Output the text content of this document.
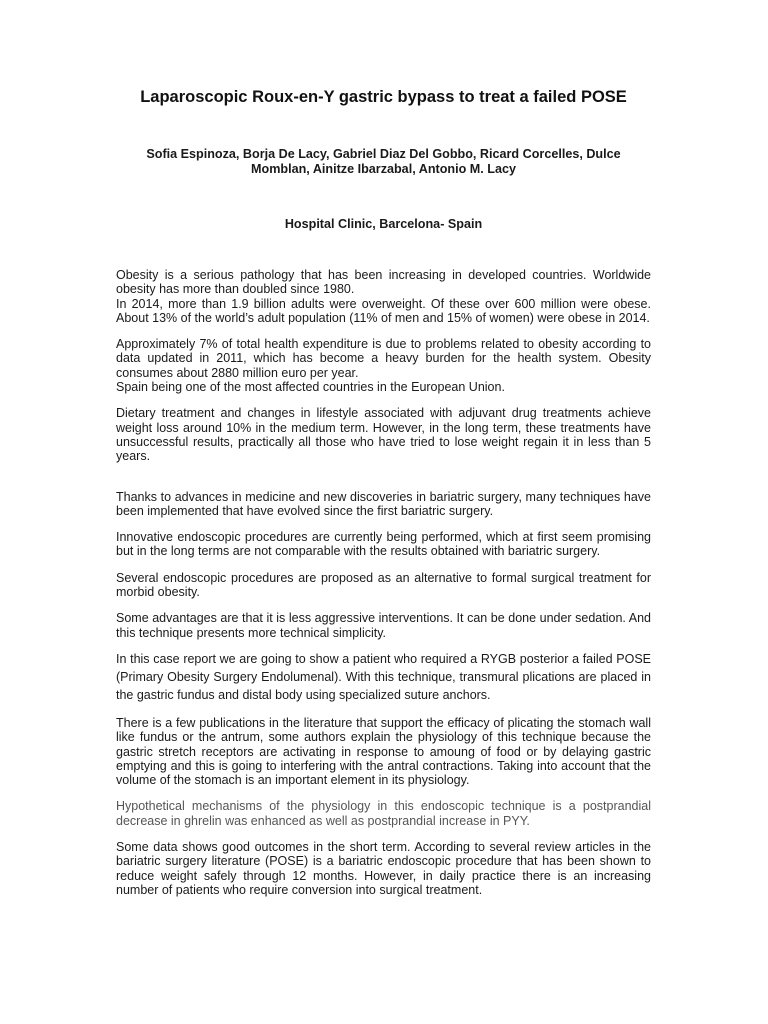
Laparoscopic Roux-en-Y gastric bypass to treat a failed POSE
Sofia Espinoza, Borja De Lacy, Gabriel Diaz Del Gobbo, Ricard Corcelles, Dulce
Momblan, Ainitze Ibarzabal, Antonio M. Lacy
Hospital Clinic, Barcelona- Spain

Obesity is a serious pathology that has been increasing in developed countries. Worldwide obesity has more than doubled since 1980.

In 2014, more than 1.9 billion adults were overweight. Of these over 600 million were obese. About 13% of the world’s adult population (11% of men and 15% of women) were obese in 2014.

Approximately 7% of total health expenditure is due to problems related to obesity according to data updated in 2011, which has become a heavy burden for the health system. Obesity consumes about 2880 million euro per year.

Spain being one of the most affected countries in the European Union.

Dietary treatment and changes in lifestyle associated with adjuvant drug treatments achieve weight loss around 10% in the medium term. However, in the long term, these treatments have unsuccessful results, practically all those who have tried to lose weight regain it in less than 5 years.

Thanks to advances in medicine and new discoveries in bariatric surgery, many techniques have been implemented that have evolved since the first bariatric surgery.

Innovative endoscopic procedures are currently being performed, which at first seem promising but in the long terms are not comparable with the results obtained with bariatric surgery.

Several endoscopic procedures are proposed as an alternative to formal surgical treatment for morbid obesity.

Some advantages are that it is less aggressive interventions. It can be done under sedation. And this technique presents more technical simplicity.

In this case report we are going to show a patient who required a RYGB posterior a failed POSE (Primary Obesity Surgery Endolumenal). With this technique, transmural plications are placed in the gastric fundus and distal body using specialized suture anchors.

There is a few publications in the literature that support the efficacy of plicating the stomach wall like fundus or the antrum, some authors explain the physiology of this technique because the gastric stretch receptors are activating in response to amoung of food or by delaying gastric emptying and this is going to interfering with the antral contractions. Taking into account that the volume of the stomach is an important element in its physiology.

Hypothetical mechanisms of the physiology in this endoscopic technique is a postprandial decrease in ghrelin was enhanced as well as postprandial increase in PYY.

Some data shows good outcomes in the short term. According to several review articles in the bariatric surgery literature (POSE) is a bariatric endoscopic procedure that has been shown to reduce weight safely through 12 months. However, in daily practice there is an increasing number of patients who require conversion into surgical treatment.
